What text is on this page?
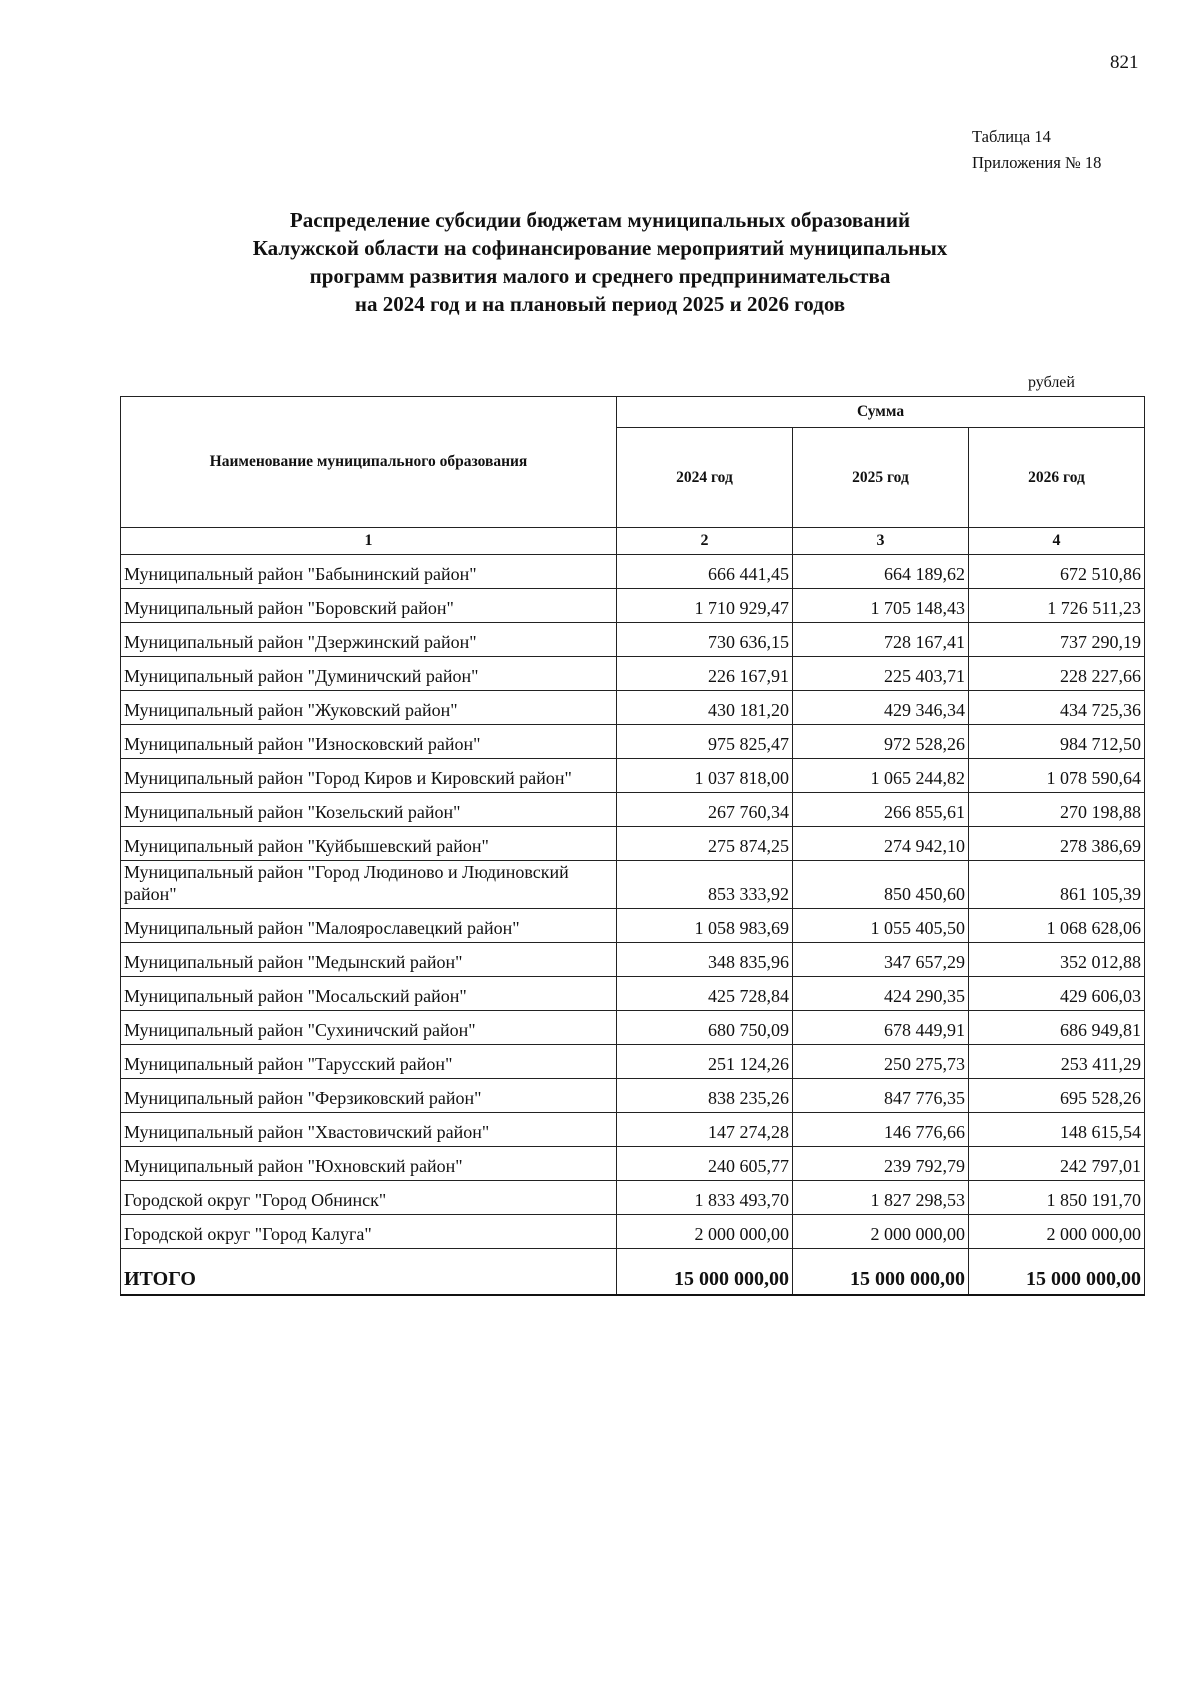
821
Таблица 14
Приложения № 18
Распределение субсидии бюджетам муниципальных образований
Калужской области на софинансирование мероприятий муниципальных
программ развития малого и среднего предпринимательства
на 2024 год и на плановый период 2025 и 2026 годов
рублей
Наименование муниципального образования	Сумма		
	2024 год	2025 год	2026 год
1	2	3	4
Муниципальный район "Бабынинский район"	666 441,45	664 189,62	672 510,86
Муниципальный район "Боровский район"	1 710 929,47	1 705 148,43	1 726 511,23
Муниципальный район "Дзержинский район"	730 636,15	728 167,41	737 290,19
Муниципальный район "Думиничский район"	226 167,91	225 403,71	228 227,66
Муниципальный район "Жуковский район"	430 181,20	429 346,34	434 725,36
Муниципальный район "Износковский район"	975 825,47	972 528,26	984 712,50
Муниципальный район "Город Киров и Кировский район"	1 037 818,00	1 065 244,82	1 078 590,64
Муниципальный район "Козельский район"	267 760,34	266 855,61	270 198,88
Муниципальный район "Куйбышевский район"	275 874,25	274 942,10	278 386,69
Муниципальный район "Город Людиново и Людиновский район"	853 333,92	850 450,60	861 105,39
Муниципальный район "Малоярославецкий район"	1 058 983,69	1 055 405,50	1 068 628,06
Муниципальный район "Медынский район"	348 835,96	347 657,29	352 012,88
Муниципальный район "Мосальский район"	425 728,84	424 290,35	429 606,03
Муниципальный район "Сухиничский район"	680 750,09	678 449,91	686 949,81
Муниципальный район "Тарусский район"	251 124,26	250 275,73	253 411,29
Муниципальный район "Ферзиковский район"	838 235,26	847 776,35	695 528,26
Муниципальный район "Хвастовичский район"	147 274,28	146 776,66	148 615,54
Муниципальный район "Юхновский район"	240 605,77	239 792,79	242 797,01
Городской округ "Город Обнинск"	1 833 493,70	1 827 298,53	1 850 191,70
Городской округ "Город Калуга"	2 000 000,00	2 000 000,00	2 000 000,00
ИТОГО	15 000 000,00	15 000 000,00	15 000 000,00
